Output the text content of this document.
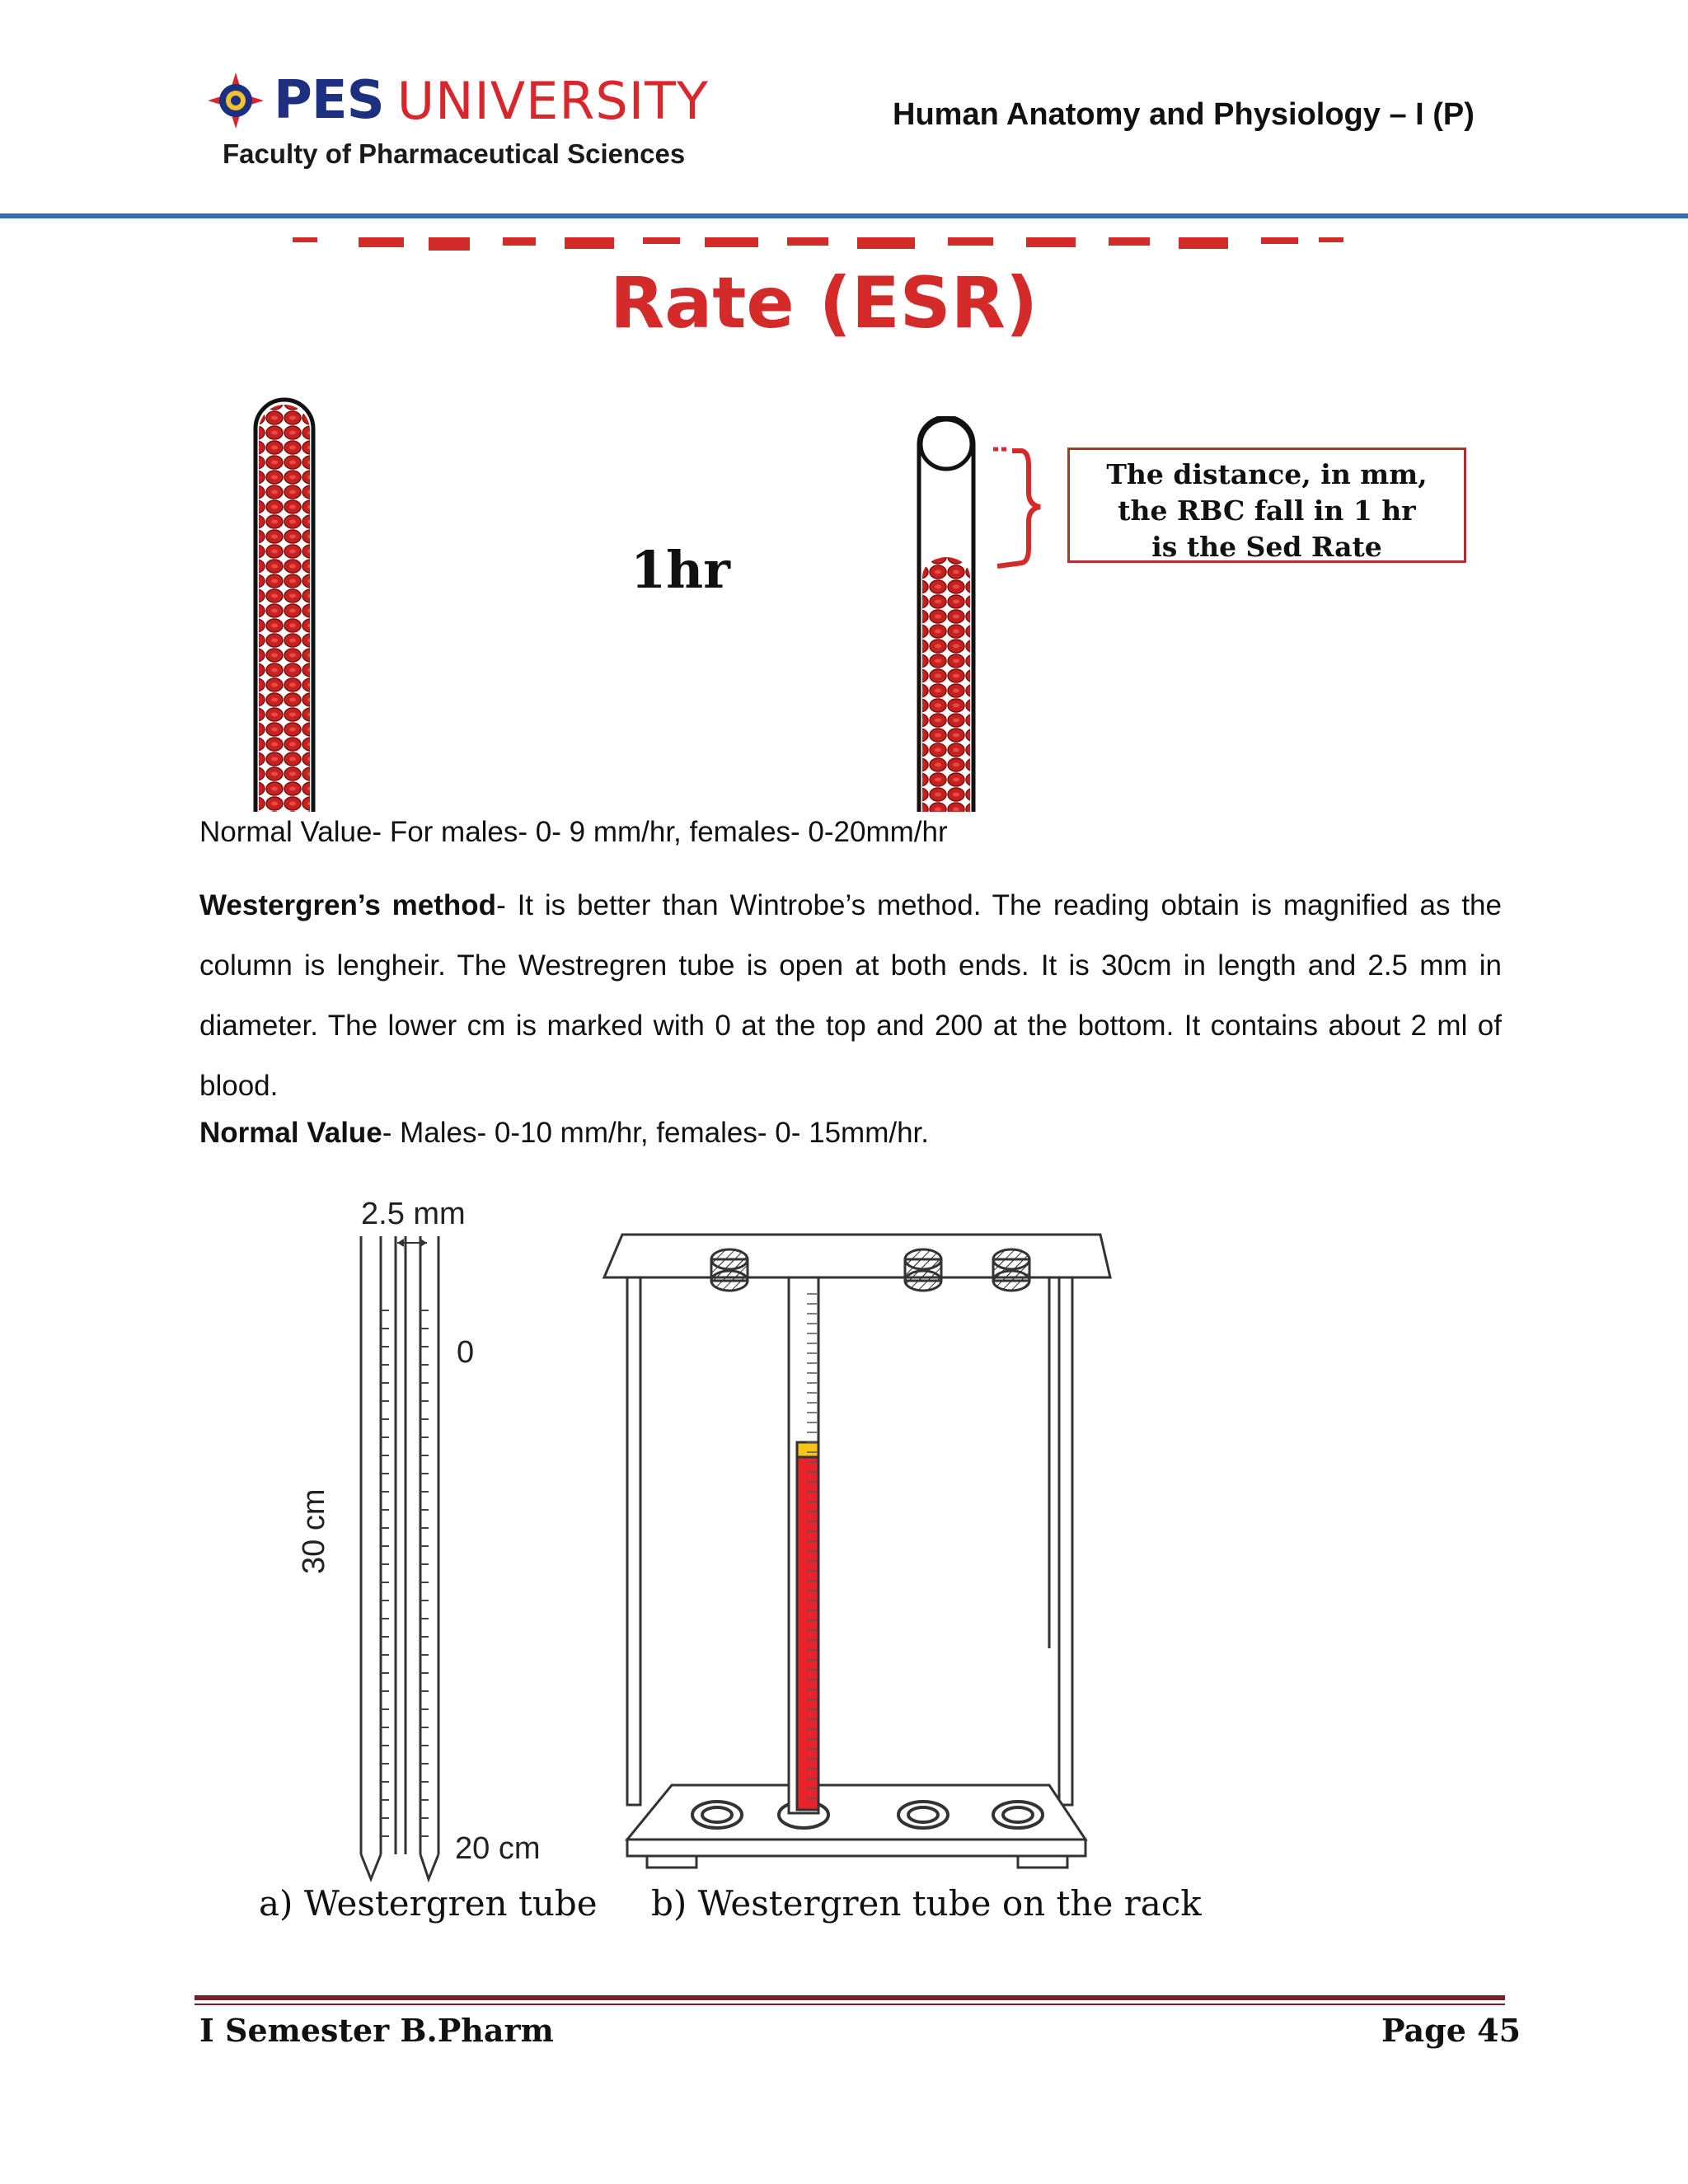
PES UNIVERSITY
Faculty of Pharmaceutical Sciences
Human Anatomy and Physiology – I (P)
Rate (ESR)
1hr
The distance, in mm,
the RBC fall in 1 hr
is the Sed Rate
Normal Value- For males- 0- 9 mm/hr, females- 0-20mm/hr
Westergren’s method- It is better than Wintrobe’s method. The reading obtain is magnified as the column is lengheir. The Westregren tube is open at both ends. It is 30cm in length and 2.5 mm in diameter. The lower cm is marked with 0 at the top and 200 at the bottom. It contains about 2 ml of blood.
Normal Value- Males- 0-10 mm/hr, females- 0- 15mm/hr.
2.5 mm
0
30 cm
20 cm
a) Westergren tube b) Westergren tube on the rack
I Semester B.Pharm	Page 45
